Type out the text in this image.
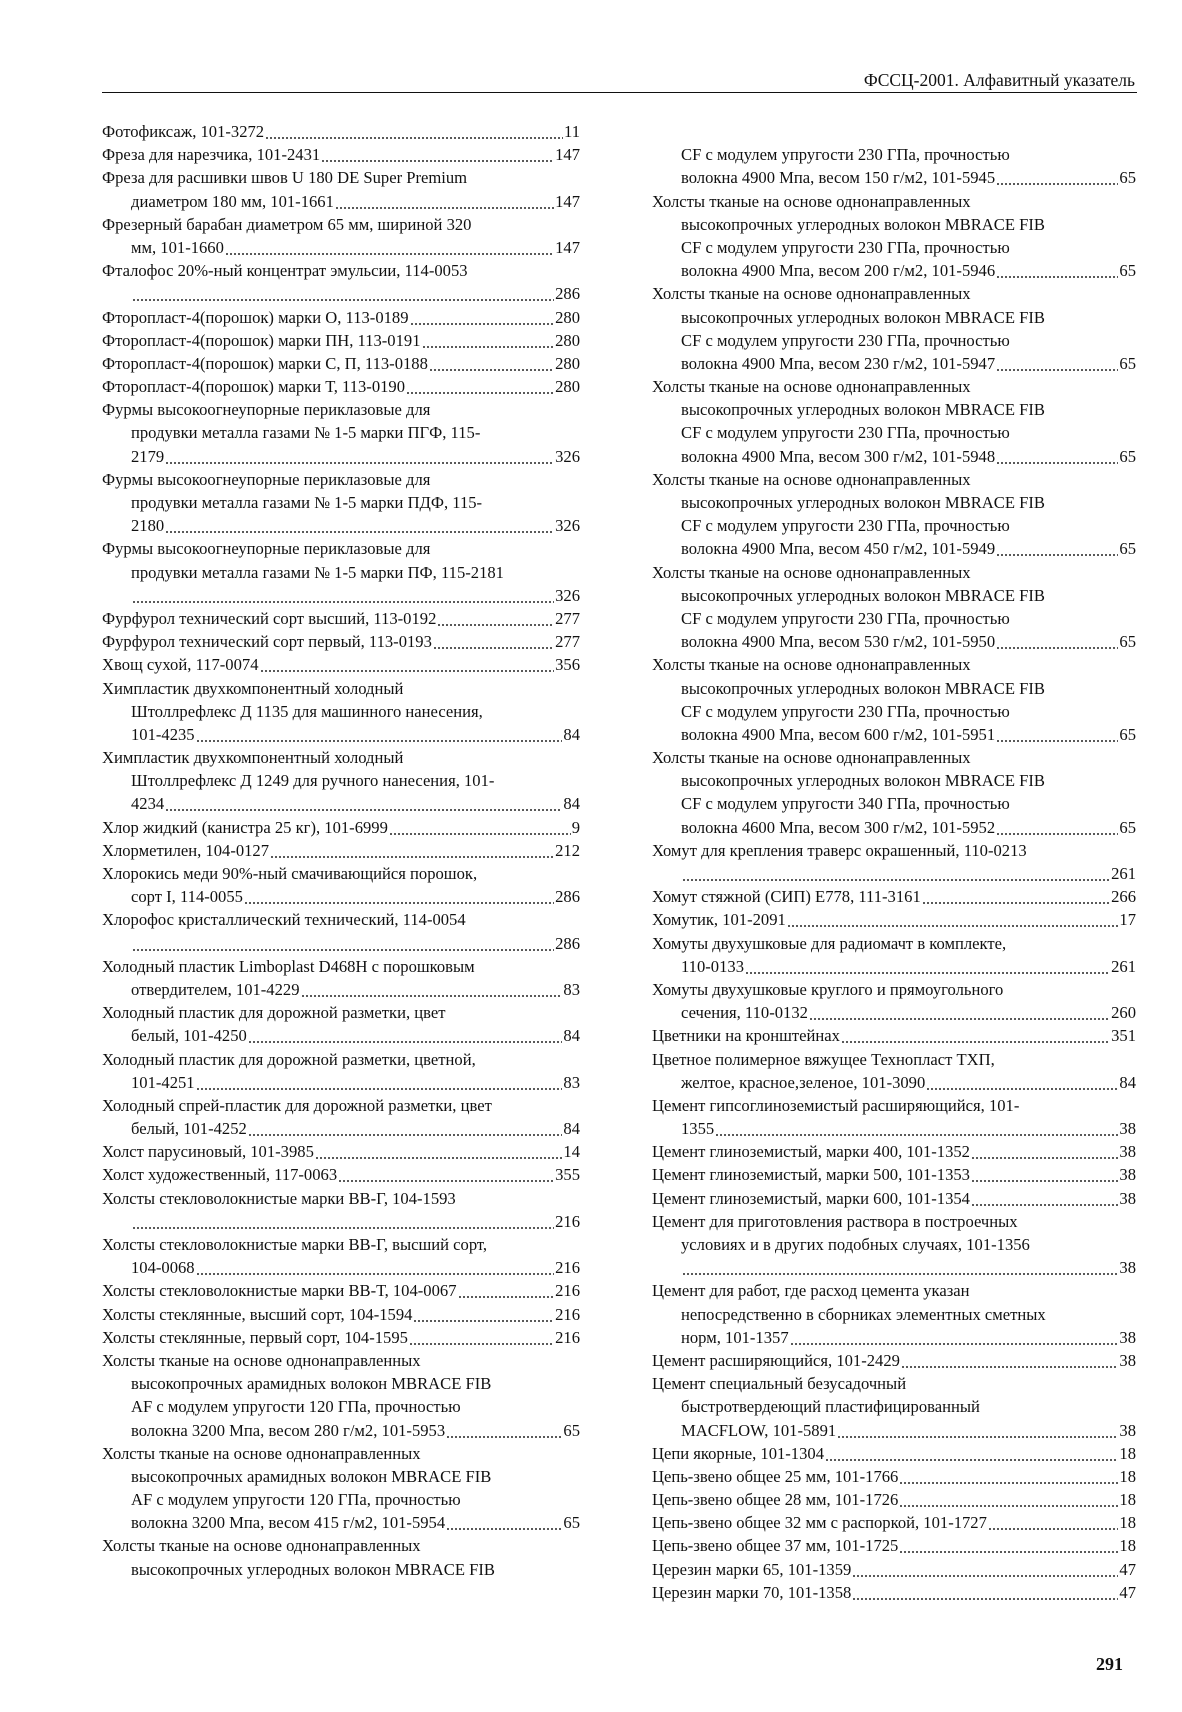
ФССЦ-2001. Алфавитный указатель
Фотофиксаж, 101-3272	11
Фреза для нарезчика, 101-2431	147
Фреза для расшивки швов U 180 DE Super Premium
диаметром 180 мм, 101-1661	147
Фрезерный барабан диаметром 65 мм, шириной 320
мм, 101-1660	147
Фталофос 20%-ный концентрат эмульсии, 114-0053
286
Фторопласт-4(порошок) марки О, 113-0189	280
Фторопласт-4(порошок) марки ПН, 113-0191	280
Фторопласт-4(порошок) марки С, П, 113-0188	280
Фторопласт-4(порошок) марки Т, 113-0190	280
Фурмы высокоогнеупорные периклазовые для
продувки металла газами № 1-5 марки ПГФ, 115-
2179	326
Фурмы высокоогнеупорные периклазовые для
продувки металла газами № 1-5 марки ПДФ, 115-
2180	326
Фурмы высокоогнеупорные периклазовые для
продувки металла газами № 1-5 марки ПФ, 115-2181
326
Фурфурол технический сорт высший, 113-0192	277
Фурфурол технический сорт первый, 113-0193	277
Хвощ сухой, 117-0074	356
Химпластик двухкомпонентный холодный
Штоллрефлекс Д 1135 для машинного нанесения,
101-4235	84
Химпластик двухкомпонентный холодный
Штоллрефлекс Д 1249 для ручного нанесения, 101-
4234	84
Хлор жидкий (канистра 25 кг), 101-6999	9
Хлорметилен, 104-0127	212
Хлорокись меди 90%-ный смачивающийся порошок,
сорт I, 114-0055	286
Хлорофос кристаллический технический, 114-0054
286
Холодный пластик Limboplast D468H с порошковым
отвердителем, 101-4229	83
Холодный пластик для дорожной разметки, цвет
белый, 101-4250	84
Холодный пластик для дорожной разметки, цветной,
101-4251	83
Холодный спрей-пластик для дорожной разметки, цвет
белый, 101-4252	84
Холст парусиновый, 101-3985	14
Холст художественный, 117-0063	355
Холсты стекловолокнистые марки ВВ-Г, 104-1593
216
Холсты стекловолокнистые марки ВВ-Г, высший сорт,
104-0068	216
Холсты стекловолокнистые марки ВВ-Т, 104-0067	216
Холсты стеклянные, высший сорт, 104-1594	216
Холсты стеклянные, первый сорт, 104-1595	216
Холсты тканые на основе однонаправленных
высокопрочных арамидных волокон MBRACE FIB
AF с модулем упругости 120 ГПа, прочностью
волокна 3200 Мпа, весом 280 г/м2, 101-5953	65
Холсты тканые на основе однонаправленных
высокопрочных арамидных волокон MBRACE FIB
AF с модулем упругости 120 ГПа, прочностью
волокна 3200 Мпа, весом 415 г/м2, 101-5954	65
Холсты тканые на основе однонаправленных
высокопрочных углеродных волокон MBRACE FIB
CF с модулем упругости 230 ГПа, прочностью
волокна 4900 Мпа, весом 150 г/м2, 101-5945	65
Холсты тканые на основе однонаправленных
высокопрочных углеродных волокон MBRACE FIB
CF с модулем упругости 230 ГПа, прочностью
волокна 4900 Мпа, весом 200 г/м2, 101-5946	65
Холсты тканые на основе однонаправленных
высокопрочных углеродных волокон MBRACE FIB
CF с модулем упругости 230 ГПа, прочностью
волокна 4900 Мпа, весом 230 г/м2, 101-5947	65
Холсты тканые на основе однонаправленных
высокопрочных углеродных волокон MBRACE FIB
CF с модулем упругости 230 ГПа, прочностью
волокна 4900 Мпа, весом 300 г/м2, 101-5948	65
Холсты тканые на основе однонаправленных
высокопрочных углеродных волокон MBRACE FIB
CF с модулем упругости 230 ГПа, прочностью
волокна 4900 Мпа, весом 450 г/м2, 101-5949	65
Холсты тканые на основе однонаправленных
высокопрочных углеродных волокон MBRACE FIB
CF с модулем упругости 230 ГПа, прочностью
волокна 4900 Мпа, весом 530 г/м2, 101-5950	65
Холсты тканые на основе однонаправленных
высокопрочных углеродных волокон MBRACE FIB
CF с модулем упругости 230 ГПа, прочностью
волокна 4900 Мпа, весом 600 г/м2, 101-5951	65
Холсты тканые на основе однонаправленных
высокопрочных углеродных волокон MBRACE FIB
CF с модулем упругости 340 ГПа, прочностью
волокна 4600 Мпа, весом 300 г/м2, 101-5952	65
Хомут для крепления траверс окрашенный, 110-0213
261
Хомут стяжной (СИП) Е778, 111-3161	266
Хомутик, 101-2091	17
Хомуты двухушковые для радиомачт в комплекте,
110-0133	261
Хомуты двухушковые круглого и прямоугольного
сечения, 110-0132	260
Цветники на кронштейнах	351
Цветное полимерное вяжущее Технопласт ТХП,
желтое, красное,зеленое, 101-3090	84
Цемент гипсоглиноземистый расширяющийся, 101-
1355	38
Цемент глиноземистый, марки 400, 101-1352	38
Цемент глиноземистый, марки 500, 101-1353	38
Цемент глиноземистый, марки 600, 101-1354	38
Цемент для приготовления раствора в построечных
условиях и в других подобных случаях, 101-1356
38
Цемент для работ, где расход цемента указан
непосредственно в сборниках элементных сметных
норм, 101-1357	38
Цемент расширяющийся, 101-2429	38
Цемент специальный безусадочный
быстротвердеющий пластифицированный
MACFLOW, 101-5891	38
Цепи якорные, 101-1304	18
Цепь-звено общее 25 мм, 101-1766	18
Цепь-звено общее 28 мм, 101-1726	18
Цепь-звено общее 32 мм с распоркой, 101-1727	18
Цепь-звено общее 37 мм, 101-1725	18
Церезин марки 65, 101-1359	47
Церезин марки 70, 101-1358	47
291
